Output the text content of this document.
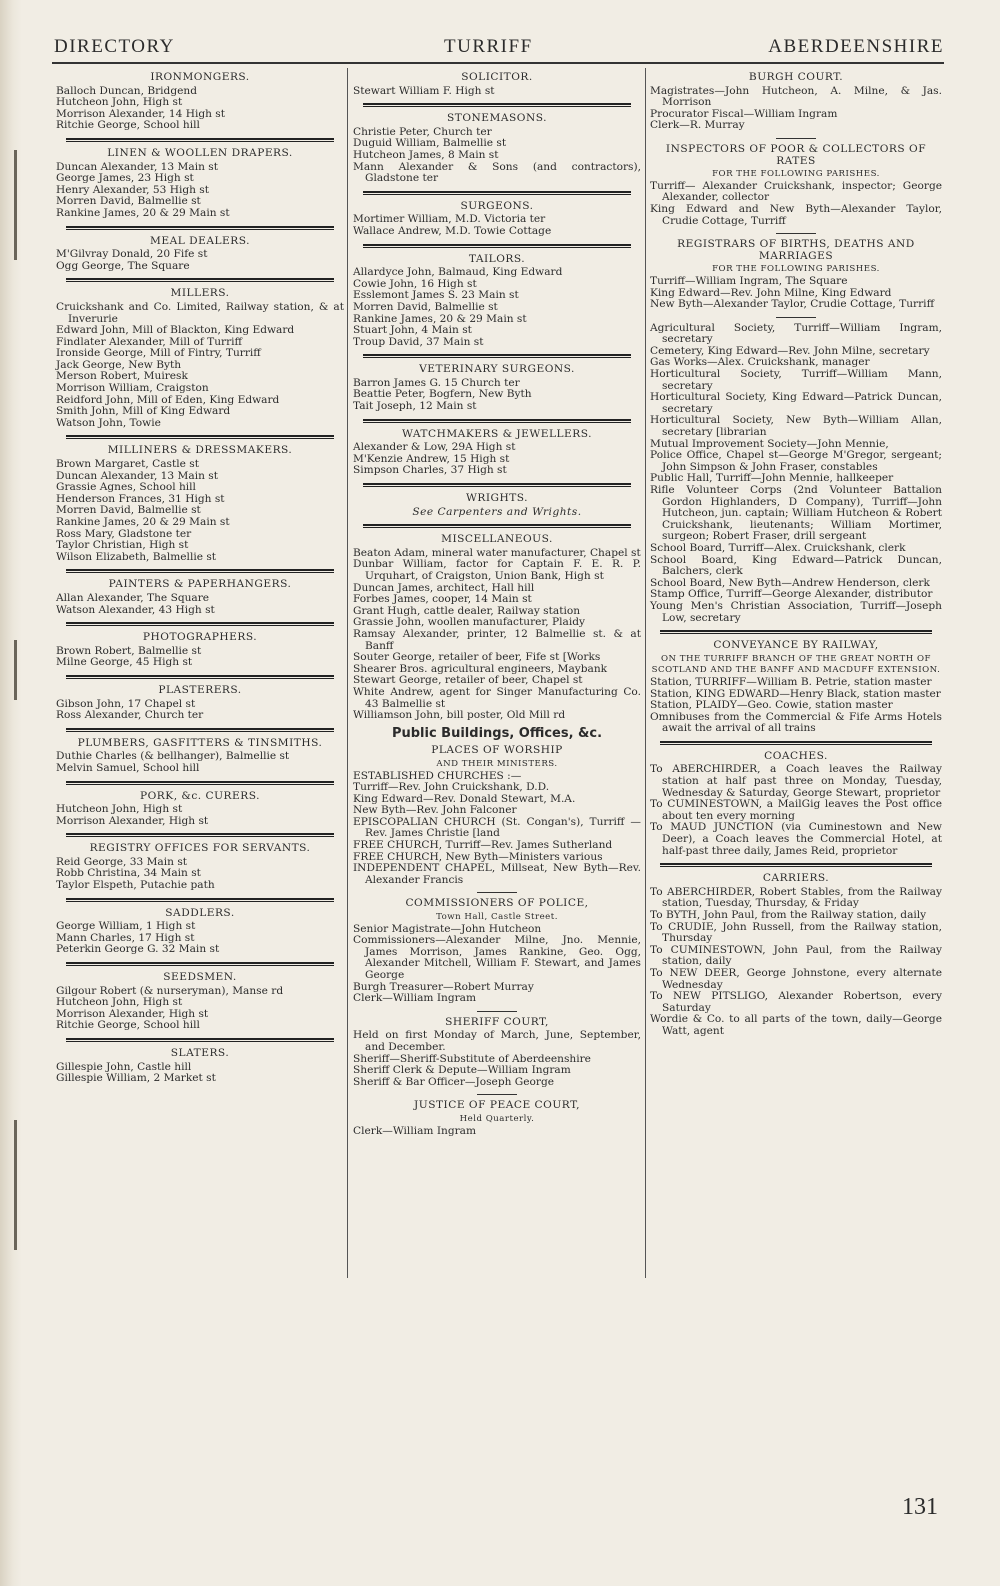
DIRECTORY	TURRIFF	ABERDEENSHIRE
IRONMONGERS.
Balloch Duncan, Bridgend
Hutcheon John, High st
Morrison Alexander, 14 High st
Ritchie George, School hill
LINEN & WOOLLEN DRAPERS.
Duncan Alexander, 13 Main st
George James, 23 High st
Henry Alexander, 53 High st
Morren David, Balmellie st
Rankine James, 20 & 29 Main st
MEAL DEALERS.
M'Gilvray Donald, 20 Fife st
Ogg George, The Square
MILLERS.
Cruickshank and Co. Limited, Railway station, & at Inverurie
Edward John, Mill of Blackton, King Edward
Findlater Alexander, Mill of Turriff
Ironside George, Mill of Fintry, Turriff
Jack George, New Byth
Merson Robert, Muiresk
Morrison William, Craigston
Reidford John, Mill of Eden, King Edward
Smith John, Mill of King Edward
Watson John, Towie
MILLINERS & DRESSMAKERS.
Brown Margaret, Castle st
Duncan Alexander, 13 Main st
Grassie Agnes, School hill
Henderson Frances, 31 High st
Morren David, Balmellie st
Rankine James, 20 & 29 Main st
Ross Mary, Gladstone ter
Taylor Christian, High st
Wilson Elizabeth, Balmellie st
PAINTERS & PAPERHANGERS.
Allan Alexander, The Square
Watson Alexander, 43 High st
PHOTOGRAPHERS.
Brown Robert, Balmellie st
Milne George, 45 High st
PLASTERERS.
Gibson John, 17 Chapel st
Ross Alexander, Church ter
PLUMBERS, GASFITTERS & TINSMITHS.
Duthie Charles (& bellhanger), Balmellie st
Melvin Samuel, School hill
PORK, &c. CURERS.
Hutcheon John, High st
Morrison Alexander, High st
REGISTRY OFFICES FOR SERVANTS.
Reid George, 33 Main st
Robb Christina, 34 Main st
Taylor Elspeth, Putachie path
SADDLERS.
George William, 1 High st
Mann Charles, 17 High st
Peterkin George G. 32 Main st
SEEDSMEN.
Gilgour Robert (& nurseryman), Manse rd
Hutcheon John, High st
Morrison Alexander, High st
Ritchie George, School hill
SLATERS.
Gillespie John, Castle hill
Gillespie William, 2 Market st
SOLICITOR.
Stewart William F. High st
STONEMASONS.
Christie Peter, Church ter
Duguid William, Balmellie st
Hutcheon James, 8 Main st
Mann Alexander & Sons (and contractors), Gladstone ter
SURGEONS.
Mortimer William, M.D. Victoria ter
Wallace Andrew, M.D. Towie Cottage
TAILORS.
Allardyce John, Balmaud, King Edward
Cowie John, 16 High st
Esslemont James S. 23 Main st
Morren David, Balmellie st
Rankine James, 20 & 29 Main st
Stuart John, 4 Main st
Troup David, 37 Main st
VETERINARY SURGEONS.
Barron James G. 15 Church ter
Beattie Peter, Bogfern, New Byth
Tait Joseph, 12 Main st
WATCHMAKERS & JEWELLERS.
Alexander & Low, 29A High st
M'Kenzie Andrew, 15 High st
Simpson Charles, 37 High st
WRIGHTS.
See Carpenters and Wrights.
MISCELLANEOUS.
Beaton Adam, mineral water manufacturer, Chapel st
Dunbar William, factor for Captain F. E. R. P. Urquhart, of Craigston, Union Bank, High st
Duncan James, architect, Hall hill
Forbes James, cooper, 14 Main st
Grant Hugh, cattle dealer, Railway station
Grassie John, woollen manufacturer, Plaidy
Ramsay Alexander, printer, 12 Balmellie st. & at Banff
Souter George, retailer of beer, Fife st [Works
Shearer Bros. agricultural engineers, Maybank
Stewart George, retailer of beer, Chapel st
White Andrew, agent for Singer Manufacturing Co. 43 Balmellie st
Williamson John, bill poster, Old Mill rd
Public Buildings, Offices, &c.
PLACES OF WORSHIP
AND THEIR MINISTERS.
ESTABLISHED CHURCHES :—
Turriff—Rev. John Cruickshank, D.D.
King Edward—Rev. Donald Stewart, M.A.
New Byth—Rev. John Falconer
EPISCOPALIAN CHURCH (St. Congan's), Turriff —Rev. James Christie [land
FREE CHURCH, Turriff—Rev. James Sutherland
FREE CHURCH, New Byth—Ministers various
INDEPENDENT CHAPEL, Millseat, New Byth—Rev. Alexander Francis
COMMISSIONERS OF POLICE,
Town Hall, Castle Street.
Senior Magistrate—John Hutcheon
Commissioners—Alexander Milne, Jno. Mennie, James Morrison, James Rankine, Geo. Ogg, Alexander Mitchell, William F. Stewart, and James George
Burgh Treasurer—Robert Murray
Clerk—William Ingram
SHERIFF COURT,
Held on first Monday of March, June, September, and December.
Sheriff—Sheriff-Substitute of Aberdeenshire
Sheriff Clerk & Depute—William Ingram
Sheriff & Bar Officer—Joseph George
JUSTICE OF PEACE COURT,
Held Quarterly.
Clerk—William Ingram
BURGH COURT.
Magistrates—John Hutcheon, A. Milne, & Jas. Morrison
Procurator Fiscal—William Ingram
Clerk—R. Murray
INSPECTORS OF POOR & COLLECTORS OF RATES
FOR THE FOLLOWING PARISHES.
Turriff— Alexander Cruickshank, inspector; George Alexander, collector
King Edward and New Byth—Alexander Taylor, Crudie Cottage, Turriff
REGISTRARS OF BIRTHS, DEATHS AND MARRIAGES
FOR THE FOLLOWING PARISHES.
Turriff—William Ingram, The Square
King Edward—Rev. John Milne, King Edward
New Byth—Alexander Taylor, Crudie Cottage, Turriff
Agricultural Society, Turriff—William Ingram, secretary
Cemetery, King Edward—Rev. John Milne, secretary
Gas Works—Alex. Cruickshank, manager
Horticultural Society, Turriff—William Mann, secretary
Horticultural Society, King Edward—Patrick Duncan, secretary
Horticultural Society, New Byth—William Allan, secretary [librarian
Mutual Improvement Society—John Mennie,
Police Office, Chapel st—George M'Gregor, sergeant; John Simpson & John Fraser, constables
Public Hall, Turriff—John Mennie, hallkeeper
Rifle Volunteer Corps (2nd Volunteer Battalion Gordon Highlanders, D Company), Turriff—John Hutcheon, jun. captain; William Hutcheon & Robert Cruickshank, lieutenants; William Mortimer, surgeon; Robert Fraser, drill sergeant
School Board, Turriff—Alex. Cruickshank, clerk
School Board, King Edward—Patrick Duncan, Balchers, clerk
School Board, New Byth—Andrew Henderson, clerk
Stamp Office, Turriff—George Alexander, distributor
Young Men's Christian Association, Turriff—Joseph Low, secretary
CONVEYANCE BY RAILWAY,
ON THE TURRIFF BRANCH OF THE GREAT NORTH OF SCOTLAND AND THE BANFF AND MACDUFF EXTENSION.
Station, TURRIFF—William B. Petrie, station master
Station, KING EDWARD—Henry Black, station master
Station, PLAIDY—Geo. Cowie, station master
Omnibuses from the Commercial & Fife Arms Hotels await the arrival of all trains
COACHES.
To ABERCHIRDER, a Coach leaves the Railway station at half past three on Monday, Tuesday, Wednesday & Saturday, George Stewart, proprietor
To CUMINESTOWN, a MailGig leaves the Post office about ten every morning
To MAUD JUNCTION (via Cuminestown and New Deer), a Coach leaves the Commercial Hotel, at half-past three daily, James Reid, proprietor
CARRIERS.
To ABERCHIRDER, Robert Stables, from the Railway station, Tuesday, Thursday, & Friday
To BYTH, John Paul, from the Railway station, daily
To CRUDIE, John Russell, from the Railway station, Thursday
To CUMINESTOWN, John Paul, from the Railway station, daily
To NEW DEER, George Johnstone, every alternate Wednesday
To NEW PITSLIGO, Alexander Robertson, every Saturday
Wordie & Co. to all parts of the town, daily—George Watt, agent
131
